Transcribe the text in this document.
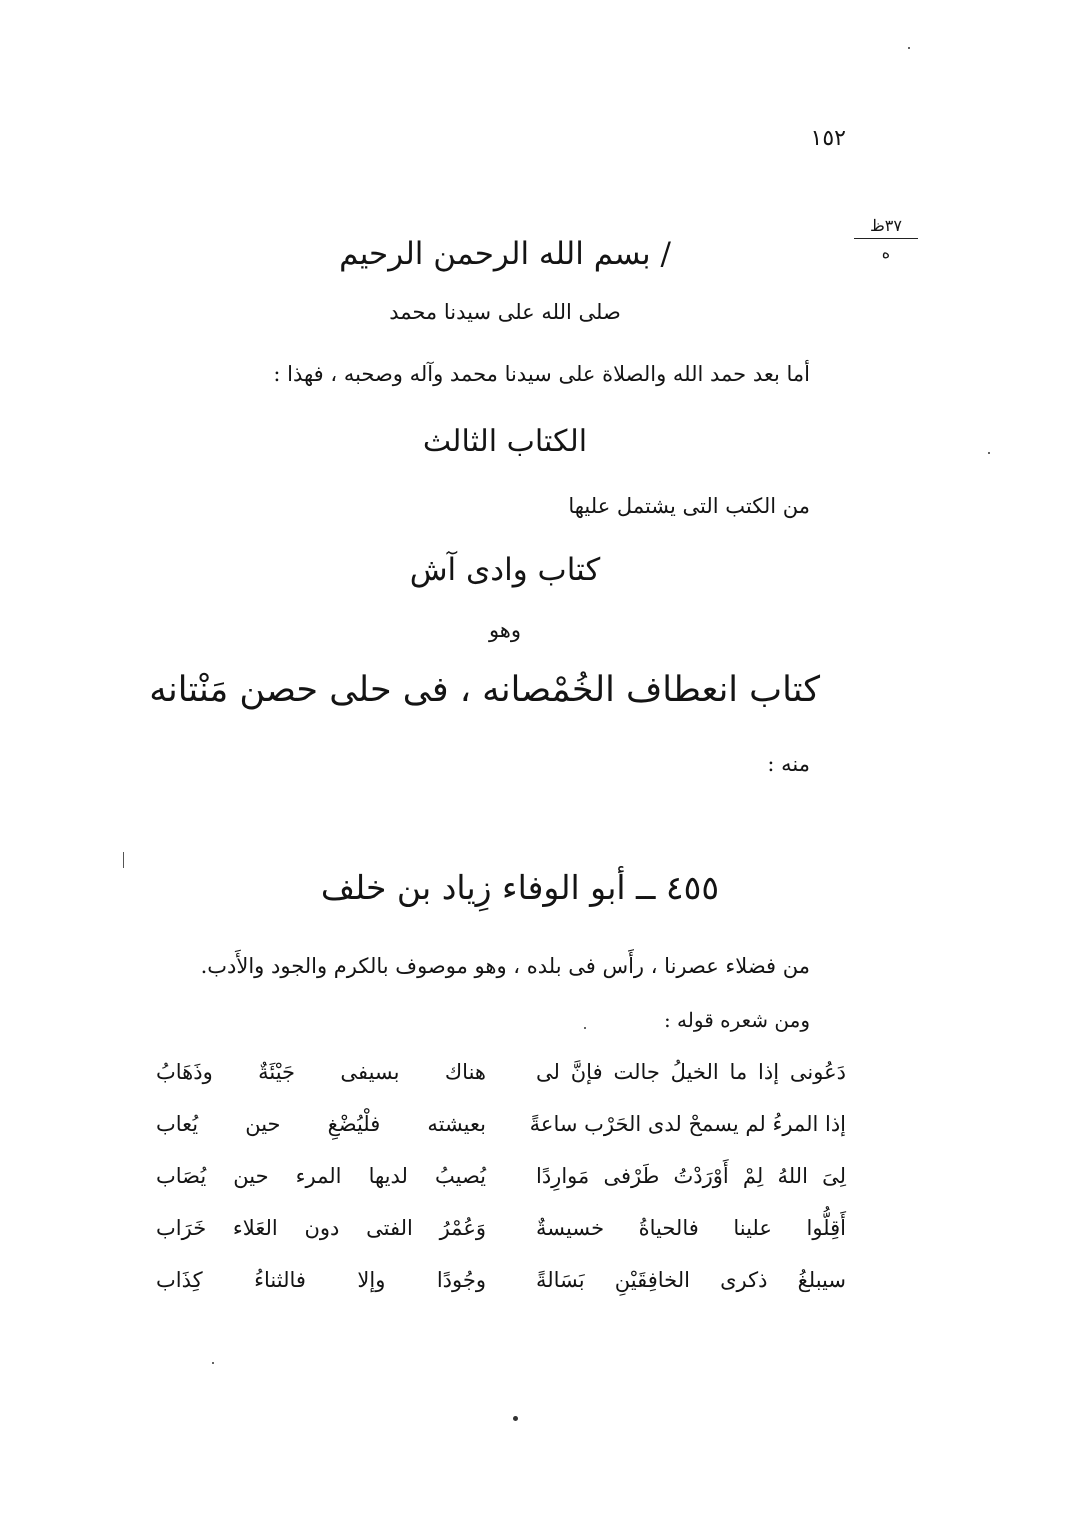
١٥٢
٣٧ظ
ه
/ بسم الله الرحمن الرحيم
صلى الله على سيدنا محمد
أما بعد حمد الله والصلاة على سيدنا محمد وآله وصحبه ، فهذا :
الكتاب الثالث
من الكتب التى يشتمل عليها
كتاب وادى آش
وهو
كتاب انعطاف الخُمْصانه ، فى حلى حصن مَنْتانه
منه :
٤٥٥ ــ أبو الوفاء زِياد بن خلف
من فضلاء عصرنا ، رأَس فى بلده ، وهو موصوف بالكرم والجود والأَدب.
ومن شعره قوله :
دَعُونى إذا ما الخيلُ جالت فإنَّ لى
هناك بسيفى جَيْئَةٌ وذَهَابُ
إذا المرءُ لم يسمحْ لدى الحَرْب ساعةً
بعيشته فلْيُضْغِ حين يُعاب
لِىَ اللهُ لِمْ أَوْرَدْتُ طَرْفى مَوارِدًا
يُصيبُ لديها المرء حين يُصَاب
أَقِلُّوا علينا فالحياةُ خسيسةٌ
وَعُمْرُ الفتى دون العَلاء خَرَاب
سيبلغُ ذكرى الخافِقَيْنِ بَسَالةً
وجُودًا وإلا فالثناءُ كِذَاب
